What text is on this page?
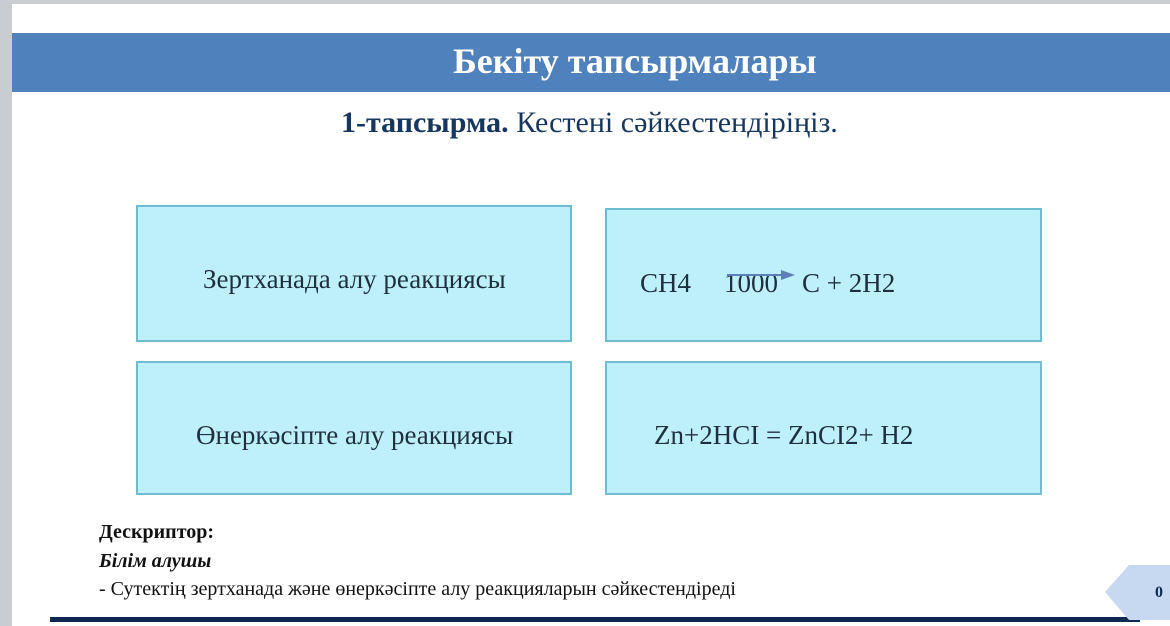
Бекіту тапсырмалары
1-тапсырма. Кестені сәйкестендіріңіз.
Зертханада алу реакциясы	CH4 1000 C + 2H2
Өнеркәсіпте алу реакциясы	Zn+2HCI = ZnCI2+ H2
Дескриптор:
Білім алушы
- Сутектің зертханада және өнеркәсіпте алу реакцияларын сәйкестендіреді	0
